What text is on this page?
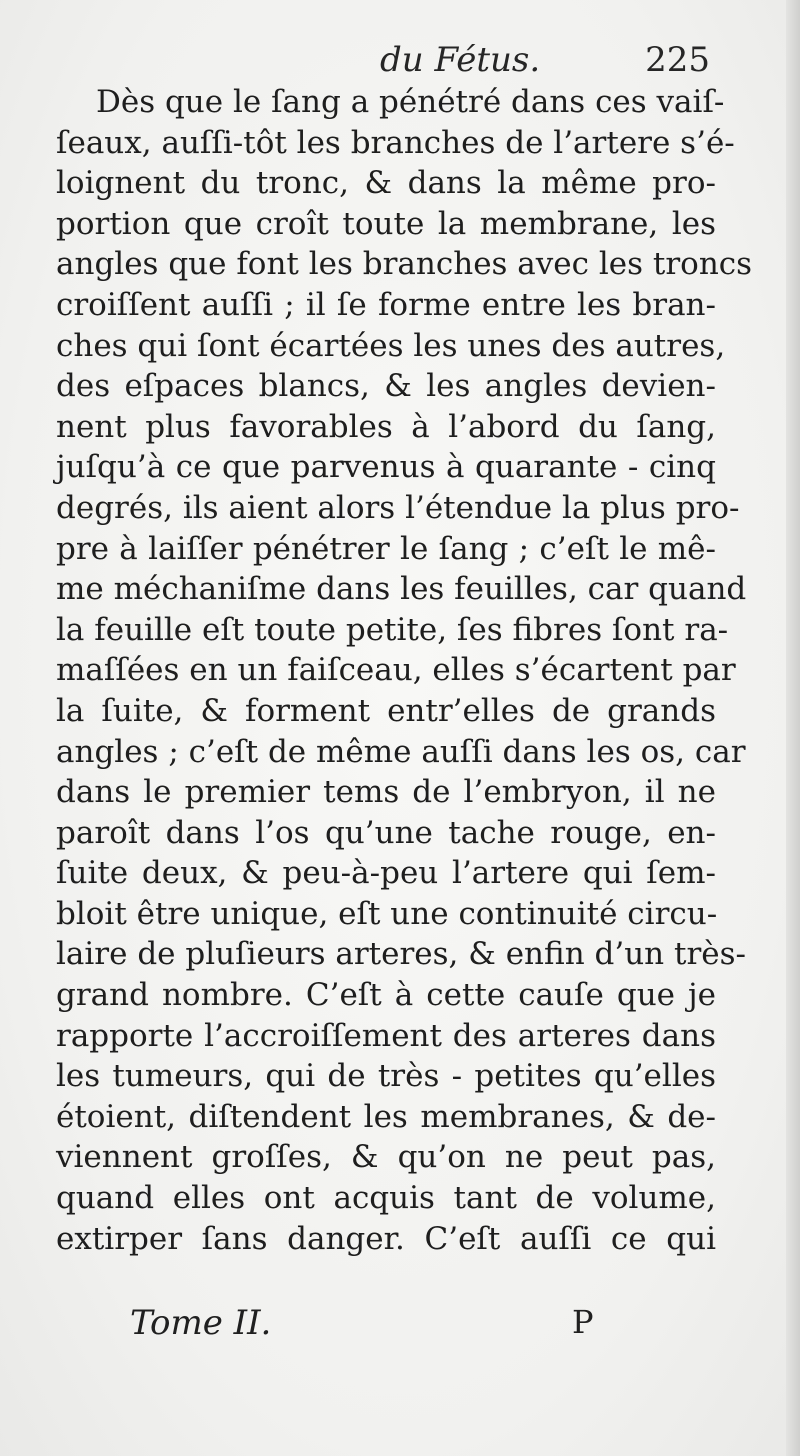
du Fétus.	225
Dès que le ſang a pénétré dans ces vaiſ-
ſeaux, auſſi-tôt les branches de l’artere s’é-
loignent du tronc, & dans la même pro-
portion que croît toute la membrane, les
angles que font les branches avec les troncs
croiſſent auſſi ; il ſe forme entre les bran-
ches qui ſont écartées les unes des autres,
des eſpaces blancs, & les angles devien-
nent plus favorables à l’abord du ſang,
juſqu’à ce que parvenus à quarante - cinq
degrés, ils aient alors l’étendue la plus pro-
pre à laiſſer pénétrer le ſang ; c’eſt le mê-
me méchaniſme dans les feuilles, car quand
la feuille eſt toute petite, ſes fibres ſont ra-
maſſées en un faiſceau, elles s’écartent par
la ſuite, & forment entr’elles de grands
angles ; c’eſt de même auſſi dans les os, car
dans le premier tems de l’embryon, il ne
paroît dans l’os qu’une tache rouge, en-
ſuite deux, & peu-à-peu l’artere qui ſem-
bloit être unique, eſt une continuité circu-
laire de pluſieurs arteres, & enfin d’un très-
grand nombre. C’eſt à cette cauſe que je
rapporte l’accroiſſement des arteres dans
les tumeurs, qui de très - petites qu’elles
étoient, diſtendent les membranes, & de-
viennent groſſes, & qu’on ne peut pas,
quand elles ont acquis tant de volume,
extirper ſans danger. C’eſt auſſi ce qui
Tome II.	P
